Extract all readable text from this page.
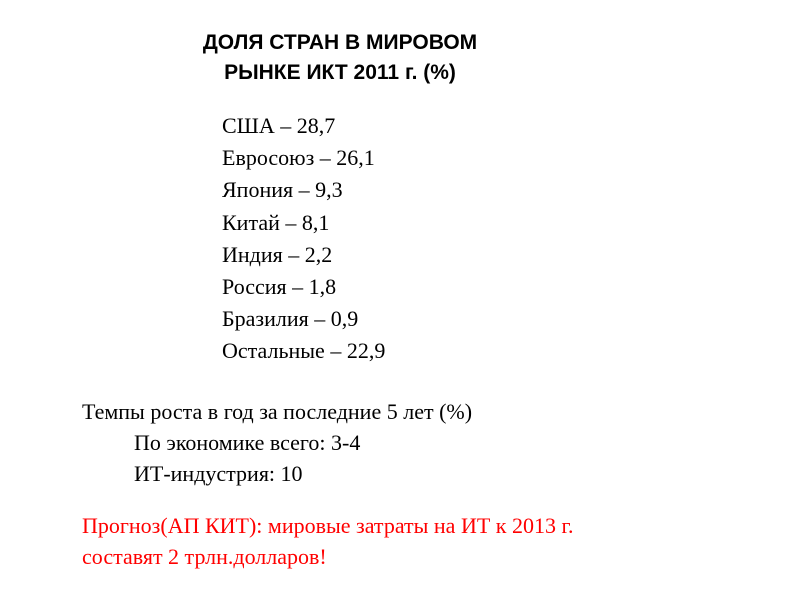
ДОЛЯ СТРАН В МИРОВОМ
РЫНКЕ ИКТ 2011 г. (%)
США – 28,7
Евросоюз – 26,1
Япония – 9,3
Китай – 8,1
Индия – 2,2
Россия – 1,8
Бразилия – 0,9
Остальные – 22,9
Темпы роста в год за последние 5 лет (%)
По экономике всего: 3-4
ИТ-индустрия: 10
Прогноз(АП КИТ): мировые затраты на ИТ к 2013 г.
составят 2 трлн.долларов!
